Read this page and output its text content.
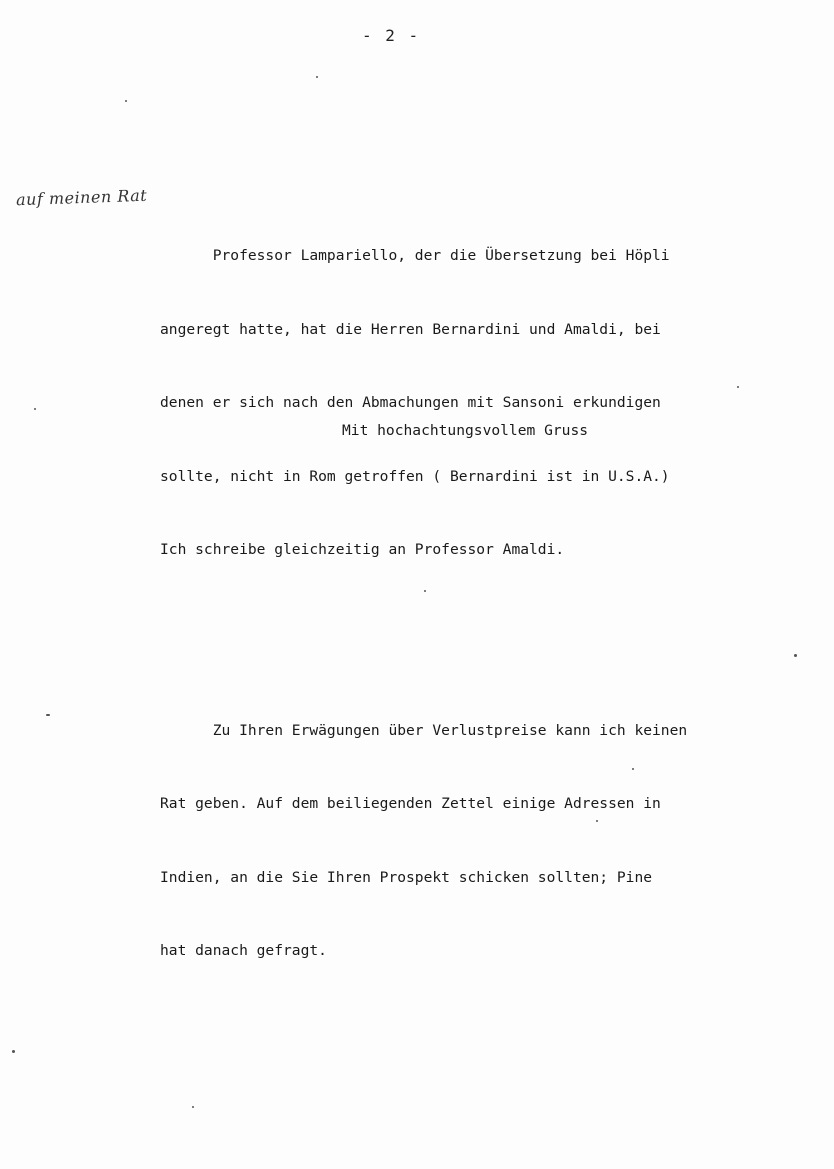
- 2 -
auf meinen Rat

Professor Lampariello, der die Übersetzung bei Höpli

angeregt hatte, hat die Herren Bernardini und Amaldi, bei

denen er sich nach den Abmachungen mit Sansoni erkundigen

sollte, nicht in Rom getroffen ( Bernardini ist in U.S.A.)

Ich schreibe gleichzeitig an Professor Amaldi.

Zu Ihren Erwägungen über Verlustpreise kann ich keinen

Rat geben. Auf dem beiliegenden Zettel einige Adressen in

Indien, an die Sie Ihren Prospekt schicken sollten; Pine

hat danach gefragt.

Mit hochachtungsvollem Gruss
